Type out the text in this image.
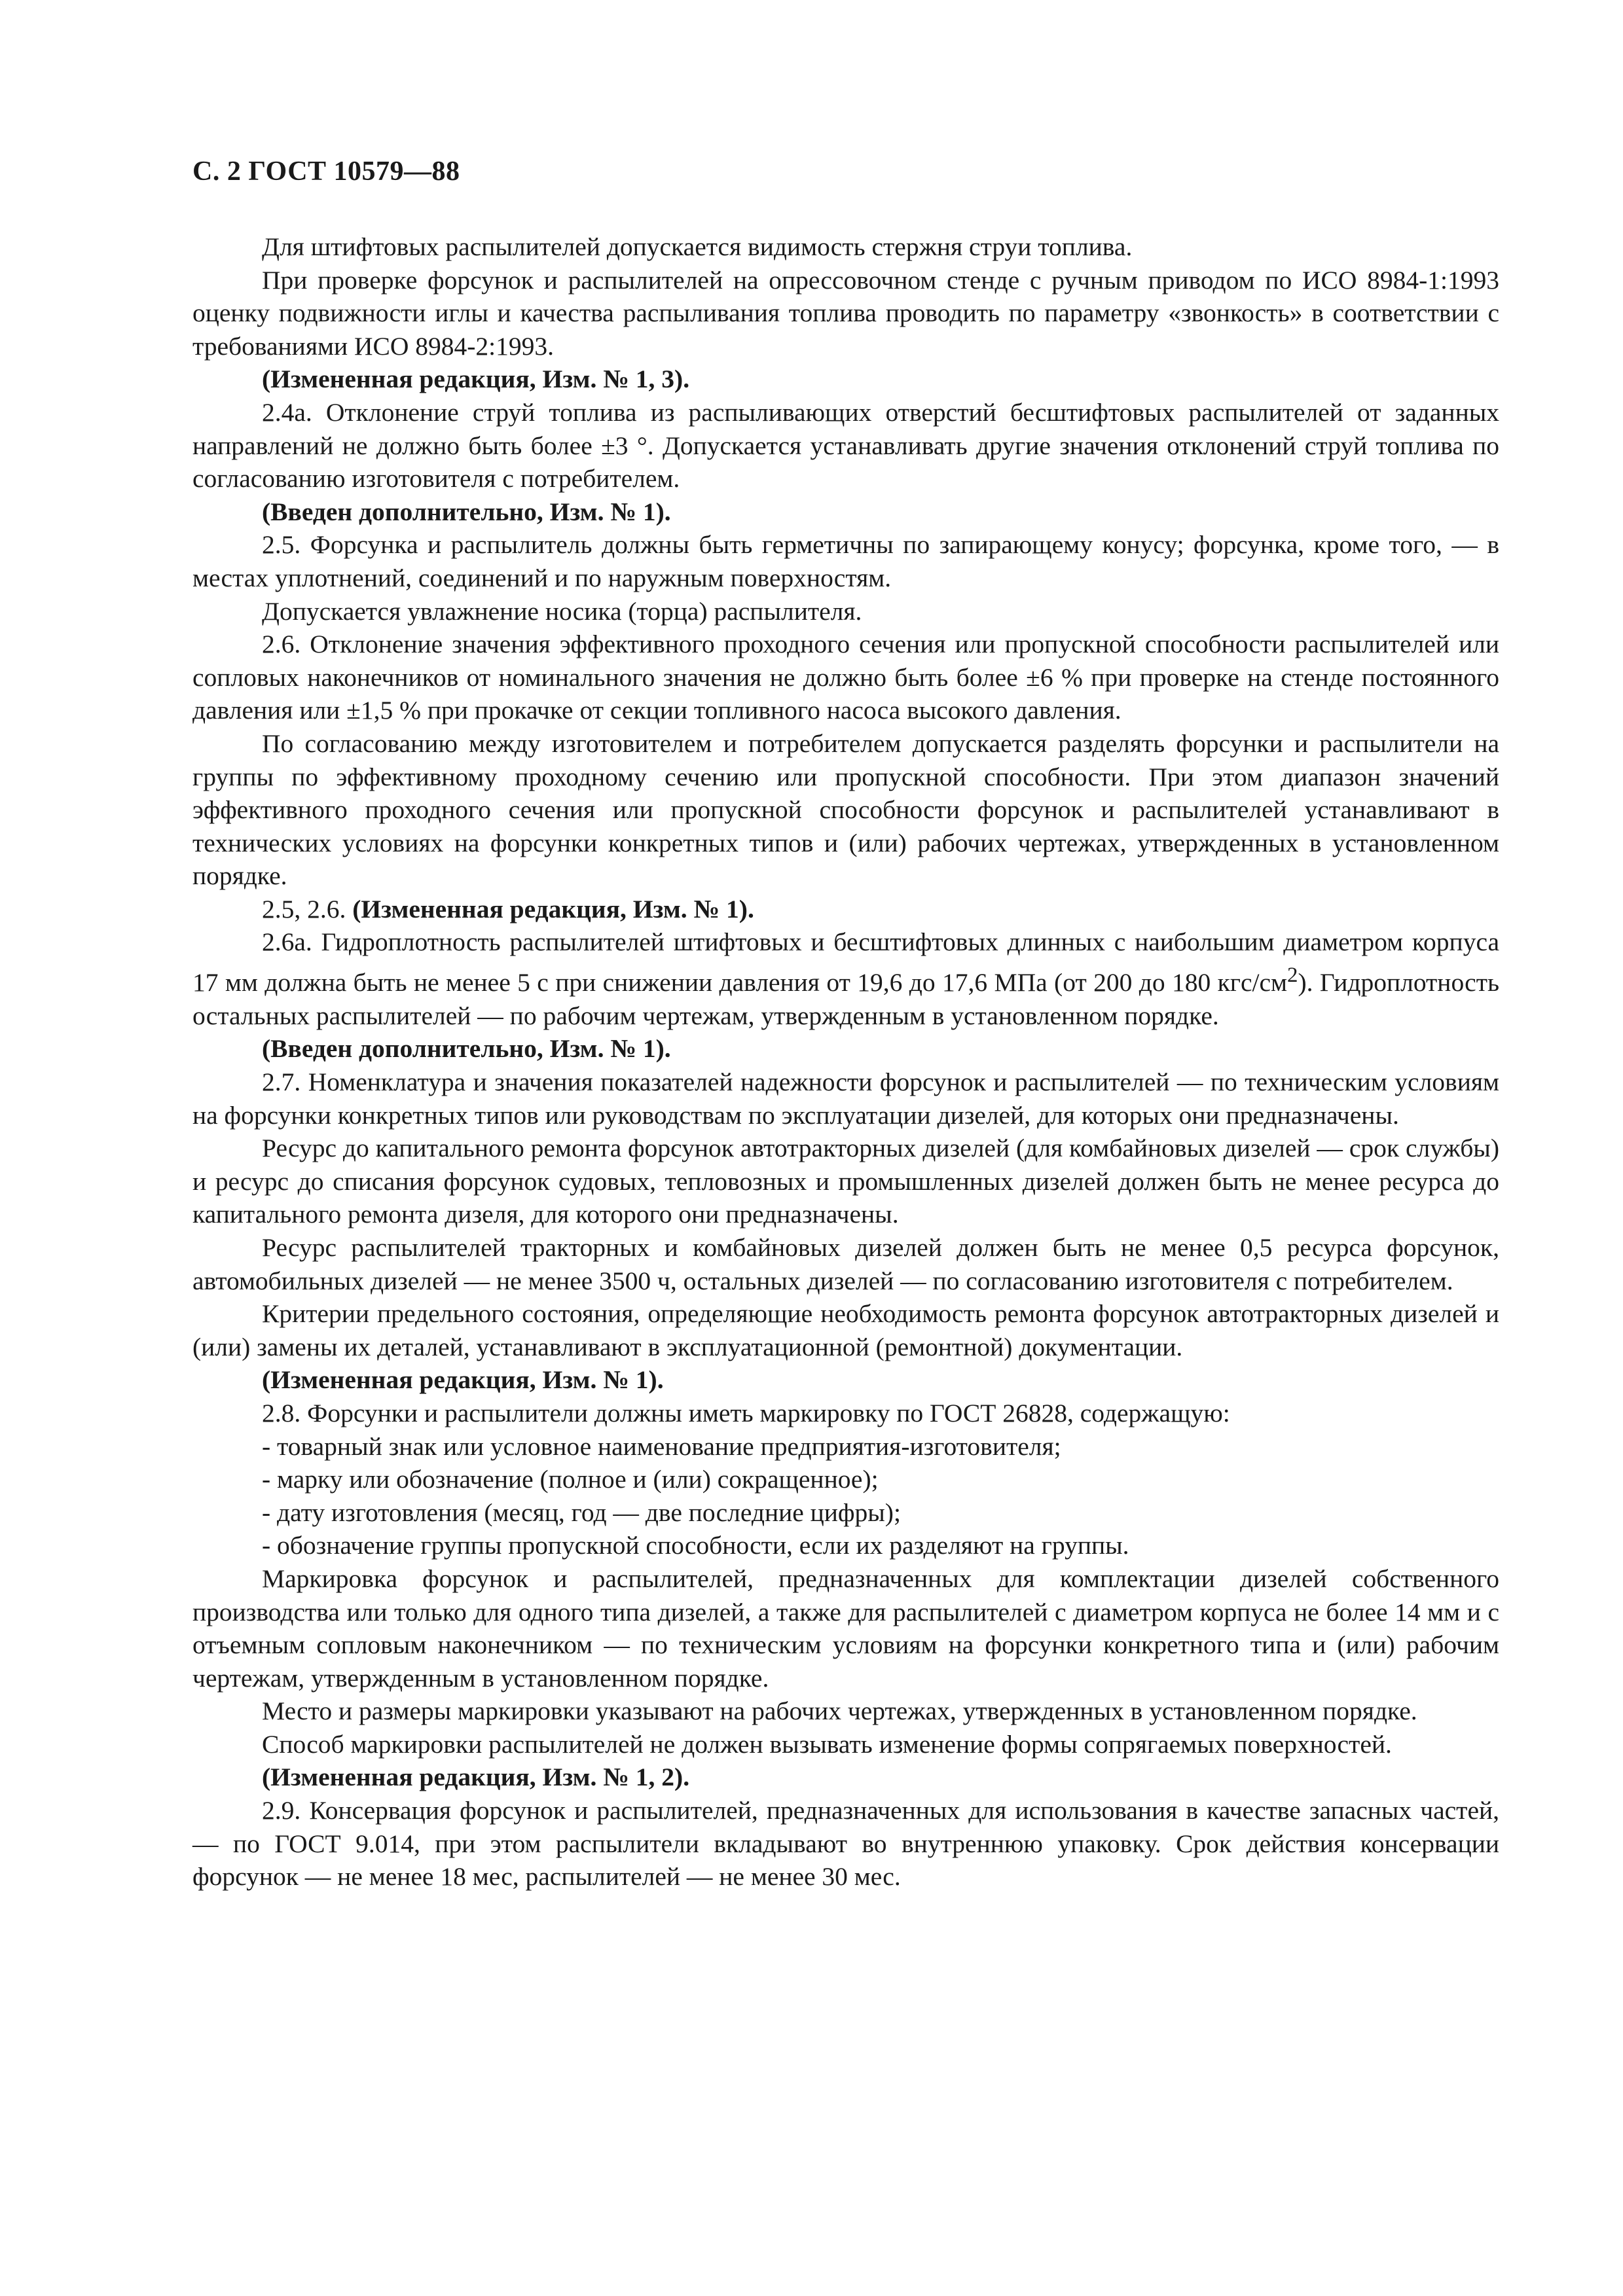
С. 2 ГОСТ 10579—88

Для штифтовых распылителей допускается видимость стержня струи топлива.

При проверке форсунок и распылителей на опрессовочном стенде с ручным приводом по ИСО 8984-1:1993 оценку подвижности иглы и качества распыливания топлива проводить по параметру «звонкость» в соответствии с требованиями ИСО 8984-2:1993.

(Измененная редакция, Изм. № 1, 3).

2.4а. Отклонение струй топлива из распыливающих отверстий бесштифтовых распылителей от заданных направлений не должно быть более ±3 °. Допускается устанавливать другие значения отклонений струй топлива по согласованию изготовителя с потребителем.

(Введен дополнительно, Изм. № 1).

2.5. Форсунка и распылитель должны быть герметичны по запирающему конусу; форсунка, кроме того, — в местах уплотнений, соединений и по наружным поверхностям.

Допускается увлажнение носика (торца) распылителя.

2.6. Отклонение значения эффективного проходного сечения или пропускной способности распылителей или сопловых наконечников от номинального значения не должно быть более ±6 % при проверке на стенде постоянного давления или ±1,5 % при прокачке от секции топливного насоса высокого давления.

По согласованию между изготовителем и потребителем допускается разделять форсунки и распылители на группы по эффективному проходному сечению или пропускной способности. При этом диапазон значений эффективного проходного сечения или пропускной способности форсунок и распылителей устанавливают в технических условиях на форсунки конкретных типов и (или) рабочих чертежах, утвержденных в установленном порядке.

2.5, 2.6. (Измененная редакция, Изм. № 1).

2.6а. Гидроплотность распылителей штифтовых и бесштифтовых длинных с наибольшим диаметром корпуса 17 мм должна быть не менее 5 с при снижении давления от 19,6 до 17,6 МПа (от 200 до 180 кгс/$см^2$). Гидроплотность остальных распылителей — по рабочим чертежам, утвержденным в установленном порядке.

(Введен дополнительно, Изм. № 1).

2.7. Номенклатура и значения показателей надежности форсунок и распылителей — по техническим условиям на форсунки конкретных типов или руководствам по эксплуатации дизелей, для которых они предназначены.

Ресурс до капитального ремонта форсунок автотракторных дизелей (для комбайновых дизелей — срок службы) и ресурс до списания форсунок судовых, тепловозных и промышленных дизелей должен быть не менее ресурса до капитального ремонта дизеля, для которого они предназначены.

Ресурс распылителей тракторных и комбайновых дизелей должен быть не менее 0,5 ресурса форсунок, автомобильных дизелей — не менее 3500 ч, остальных дизелей — по согласованию изготовителя с потребителем.

Критерии предельного состояния, определяющие необходимость ремонта форсунок автотракторных дизелей и (или) замены их деталей, устанавливают в эксплуатационной (ремонтной) документации.

(Измененная редакция, Изм. № 1).

2.8. Форсунки и распылители должны иметь маркировку по ГОСТ 26828, содержащую:

- товарный знак или условное наименование предприятия-изготовителя;

- марку или обозначение (полное и (или) сокращенное);

- дату изготовления (месяц, год — две последние цифры);

- обозначение группы пропускной способности, если их разделяют на группы.

Маркировка форсунок и распылителей, предназначенных для комплектации дизелей собственного производства или только для одного типа дизелей, а также для распылителей с диаметром корпуса не более 14 мм и с отъемным сопловым наконечником — по техническим условиям на форсунки конкретного типа и (или) рабочим чертежам, утвержденным в установленном порядке.

Место и размеры маркировки указывают на рабочих чертежах, утвержденных в установленном порядке.

Способ маркировки распылителей не должен вызывать изменение формы сопрягаемых поверхностей.

(Измененная редакция, Изм. № 1, 2).

2.9. Консервация форсунок и распылителей, предназначенных для использования в качестве запасных частей, — по ГОСТ 9.014, при этом распылители вкладывают во внутреннюю упаковку. Срок действия консервации форсунок — не менее 18 мес, распылителей — не менее 30 мес.
